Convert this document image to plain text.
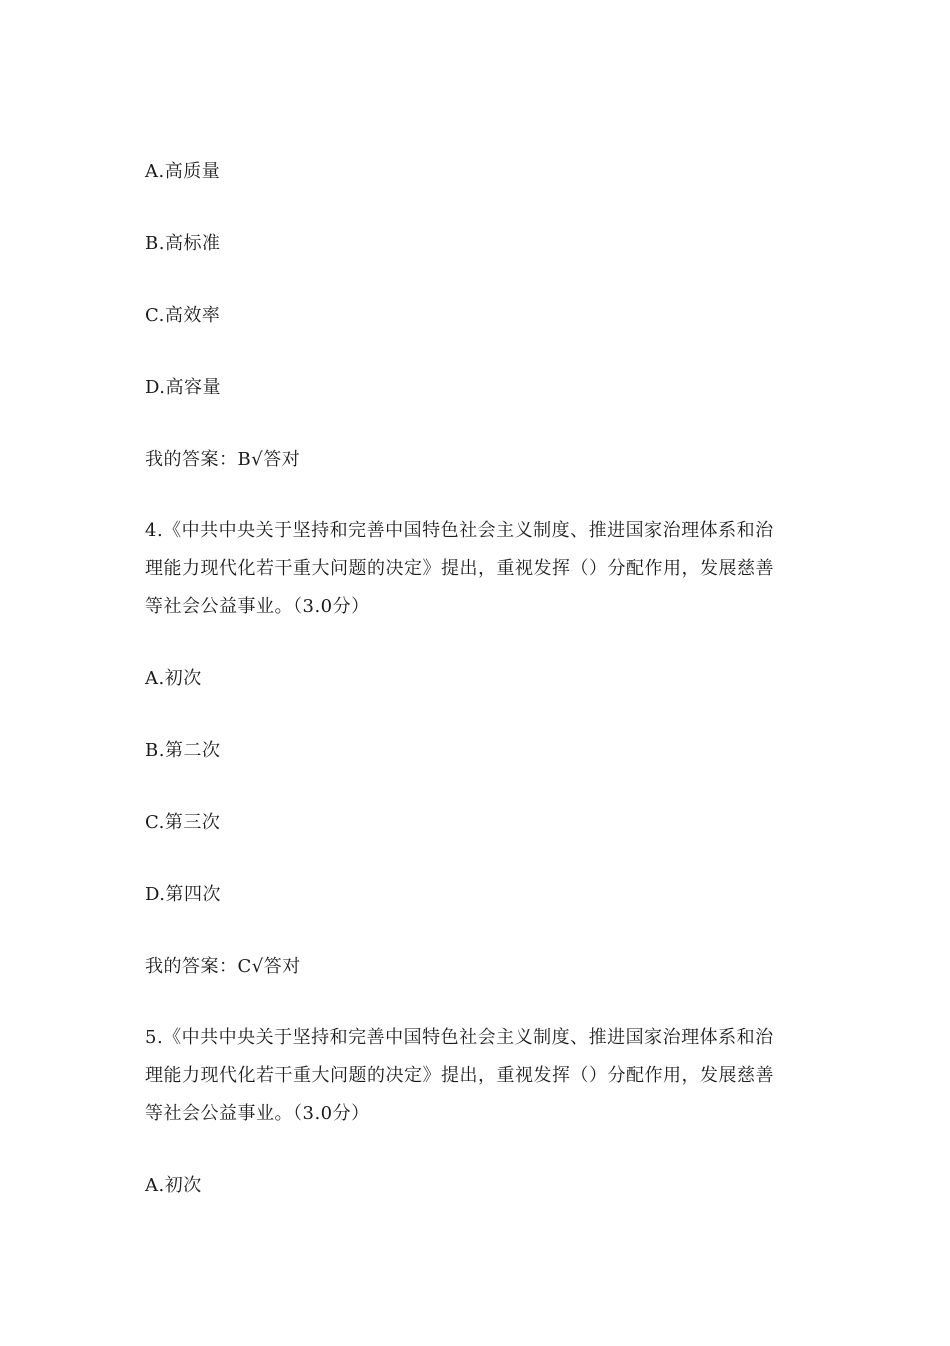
A.高质量
B.高标准
C.高效率
D.高容量
我的答案：B√答对
4.《中共中央关于坚持和完善中国特色社会主义制度、推进国家治理体系和治
理能力现代化若干重大问题的决定》提出，重视发挥（）分配作用，发展慈善
等社会公益事业。（3.0分）
A.初次
B.第二次
C.第三次
D.第四次
我的答案：C√答对
5.《中共中央关于坚持和完善中国特色社会主义制度、推进国家治理体系和治
理能力现代化若干重大问题的决定》提出，重视发挥（）分配作用，发展慈善
等社会公益事业。（3.0分）
A.初次
